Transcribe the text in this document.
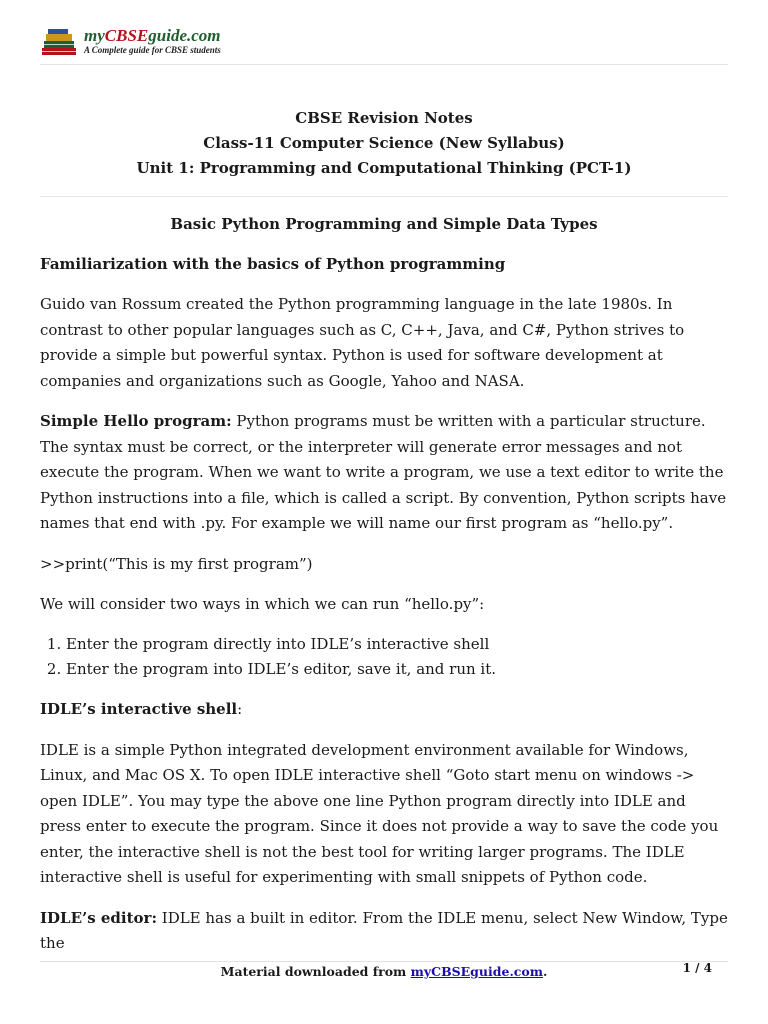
myCBSEguide.com
A Complete guide for CBSE students
CBSE Revision Notes
Class-11 Computer Science (New Syllabus)
Unit 1: Programming and Computational Thinking (PCT-1)

Basic Python Programming and Simple Data Types

Familiarization with the basics of Python programming

Guido van Rossum created the Python programming language in the late 1980s. In contrast to other popular languages such as C, C++, Java, and C#, Python strives to provide a simple but powerful syntax. Python is used for software development at companies and organizations such as Google, Yahoo and NASA.

Simple Hello program: Python programs must be written with a particular structure. The syntax must be correct, or the interpreter will generate error messages and not execute the program. When we want to write a program, we use a text editor to write the Python instructions into a file, which is called a script. By convention, Python scripts have names that end with .py. For example we will name our first program as “hello.py”.

>>print(“This is my first program”)

We will consider two ways in which we can run “hello.py”:

1. Enter the program directly into IDLE’s interactive shell
2. Enter the program into IDLE’s editor, save it, and run it.

IDLE’s interactive shell:

IDLE is a simple Python integrated development environment available for Windows, Linux, and Mac OS X. To open IDLE interactive shell “Goto start menu on windows -> open IDLE”. You may type the above one line Python program directly into IDLE and press enter to execute the program. Since it does not provide a way to save the code you enter, the interactive shell is not the best tool for writing larger programs. The IDLE interactive shell is useful for experimenting with small snippets of Python code.

IDLE’s editor: IDLE has a built in editor. From the IDLE menu, select New Window, Type the

Material downloaded from myCBSEguide.com.	1 / 4
